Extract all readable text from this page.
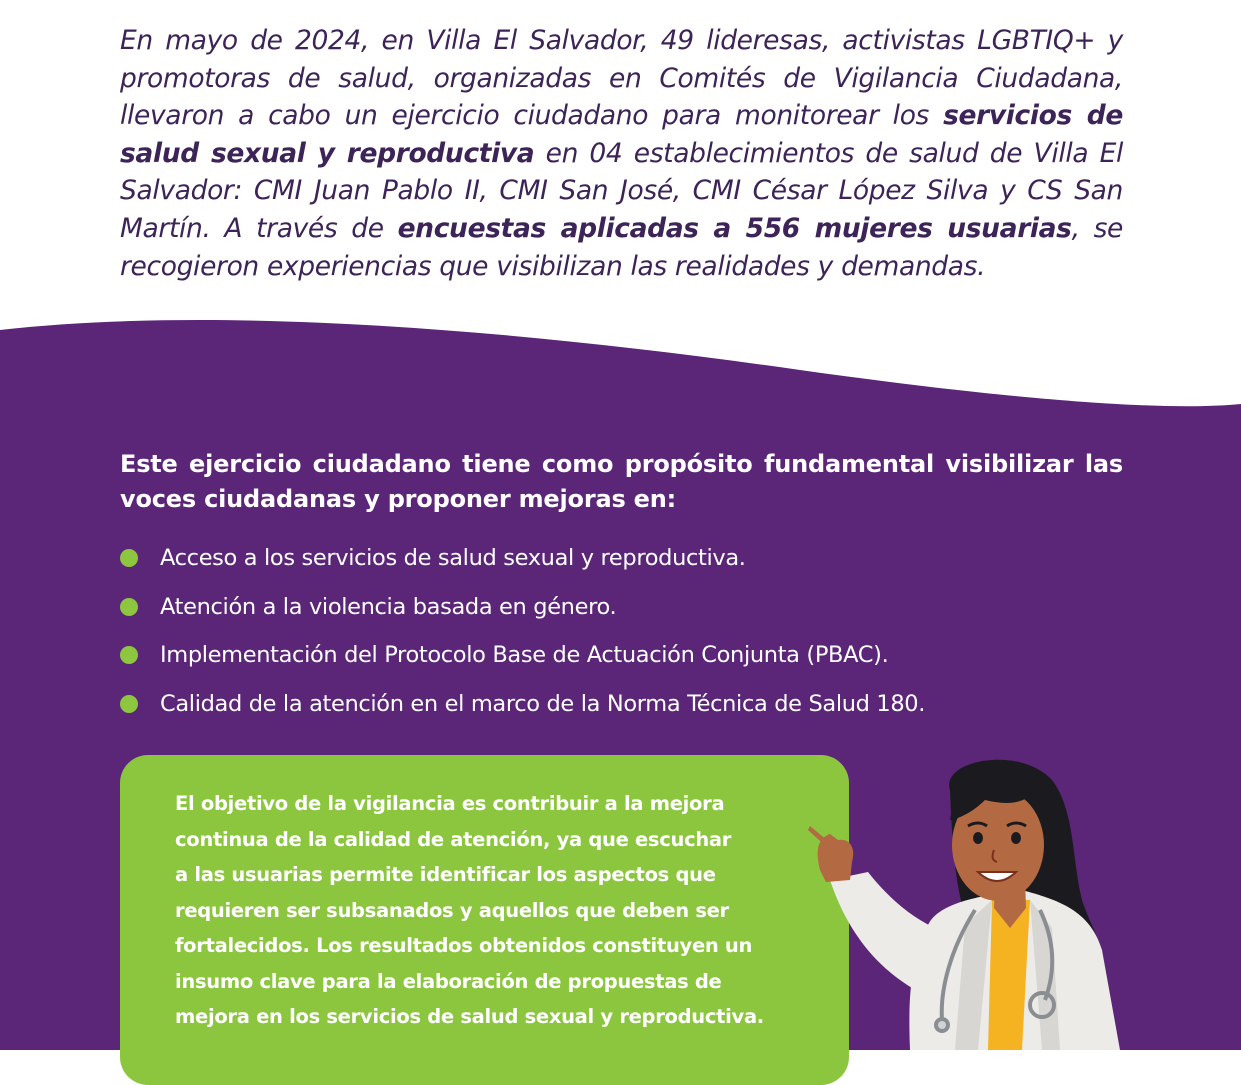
En mayo de 2024, en Villa El Salvador, 49 lideresas, activistas LGBTIQ+ y promotoras de salud, organizadas en Comités de Vigilancia Ciudadana, llevaron a cabo un ejercicio ciudadano para monitorear los servicios de salud sexual y reproductiva en 04 establecimientos de salud de Villa El Salvador: CMI Juan Pablo II, CMI San José, CMI César López Silva y CS San Martín. A través de encuestas aplicadas a 556 mujeres usuarias, se recogieron experiencias que visibilizan las realidades y demandas.

Este ejercicio ciudadano tiene como propósito fundamental visibilizar las voces ciudadanas y proponer mejoras en:

Acceso a los servicios de salud sexual y reproductiva.
Atención a la violencia basada en género.
Implementación del Protocolo Base de Actuación Conjunta (PBAC).
Calidad de la atención en el marco de la Norma Técnica de Salud 180.

El objetivo de la vigilancia es contribuir a la mejora
continua de la calidad de atención, ya que escuchar
a las usuarias permite identificar los aspectos que
requieren ser subsanados y aquellos que deben ser
fortalecidos. Los resultados obtenidos constituyen un
insumo clave para la elaboración de propuestas de
mejora en los servicios de salud sexual y reproductiva.
